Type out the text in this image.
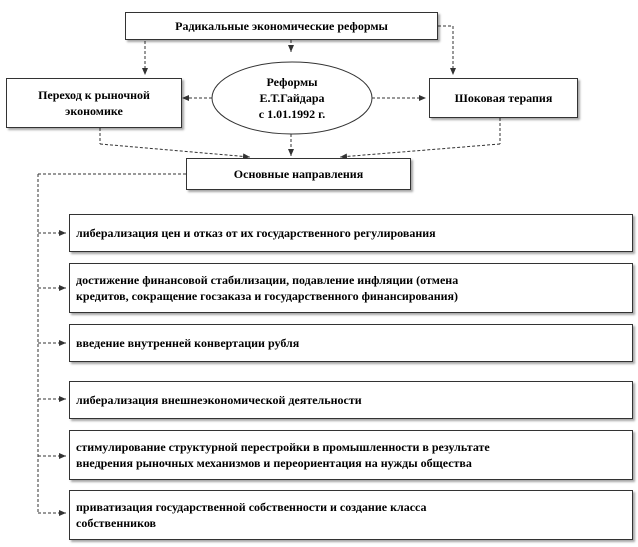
Радикальные экономические реформы
Переход к рыночной
экономике
Реформы
Е.Т.Гайдара
с 1.01.1992 г.
Шоковая терапия
Основные направления
либерализация цен и отказ от их государственного регулирования
достижение финансовой стабилизации, подавление инфляции (отмена
кредитов, сокращение госзаказа и государственного финансирования)
введение внутренней конвертации рубля
либерализация внешнеэкономической деятельности
стимулирование структурной перестройки в промышленности в результате
внедрения рыночных механизмов и переориентация на нужды общества
приватизация государственной собственности и создание класса
собственников
